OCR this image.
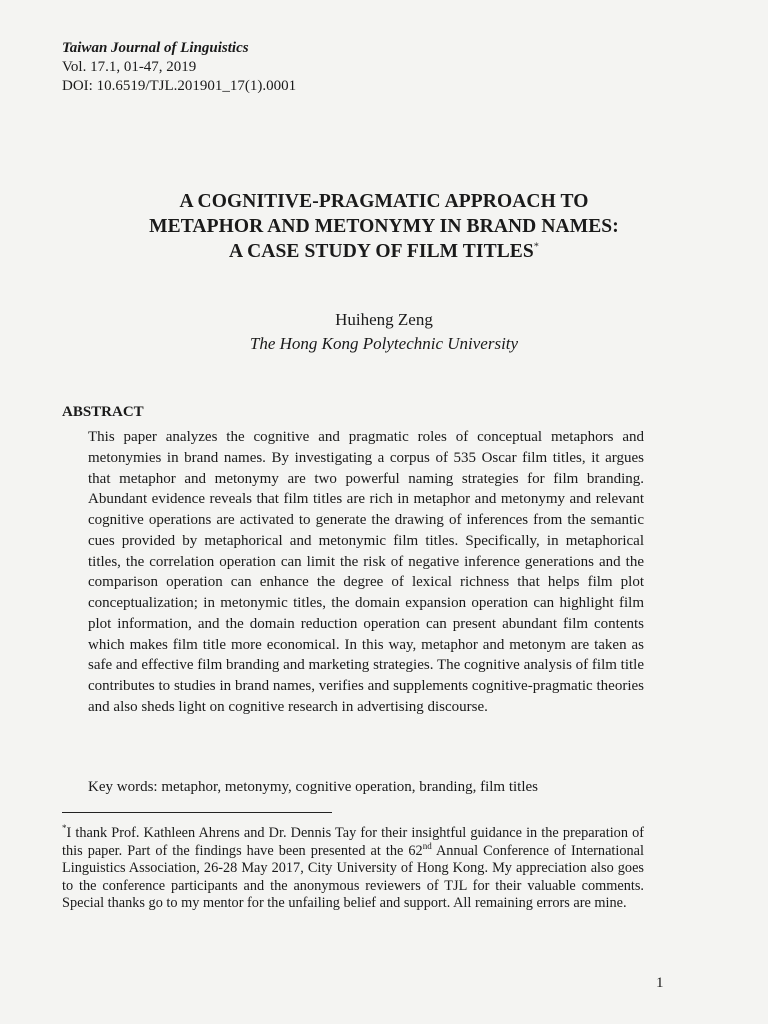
Taiwan Journal of Linguistics
Vol. 17.1, 01-47, 2019
DOI: 10.6519/TJL.201901_17(1).0001
A COGNITIVE-PRAGMATIC APPROACH TO
METAPHOR AND METONYMY IN BRAND NAMES:
A CASE STUDY OF FILM TITLES*
Huiheng Zeng
The Hong Kong Polytechnic University
ABSTRACT

This paper analyzes the cognitive and pragmatic roles of conceptual metaphors and metonymies in brand names. By investigating a corpus of 535 Oscar film titles, it argues that metaphor and metonymy are two powerful naming strategies for film branding. Abundant evidence reveals that film titles are rich in metaphor and metonymy and relevant cognitive operations are activated to generate the drawing of inferences from the semantic cues provided by metaphorical and metonymic film titles. Specifically, in metaphorical titles, the correlation operation can limit the risk of negative inference generations and the comparison operation can enhance the degree of lexical richness that helps film plot conceptualization; in metonymic titles, the domain expansion operation can highlight film plot information, and the domain reduction operation can present abundant film contents which makes film title more economical. In this way, metaphor and metonym are taken as safe and effective film branding and marketing strategies. The cognitive analysis of film title contributes to studies in brand names, verifies and supplements cognitive-pragmatic theories and also sheds light on cognitive research in advertising discourse.

Key words: metaphor, metonymy, cognitive operation, branding, film titles

*I thank Prof. Kathleen Ahrens and Dr. Dennis Tay for their insightful guidance in the preparation of this paper. Part of the findings have been presented at the 62nd Annual Conference of International Linguistics Association, 26-28 May 2017, City University of Hong Kong. My appreciation also goes to the conference participants and the anonymous reviewers of TJL for their valuable comments. Special thanks go to my mentor for the unfailing belief and support. All remaining errors are mine.

1
